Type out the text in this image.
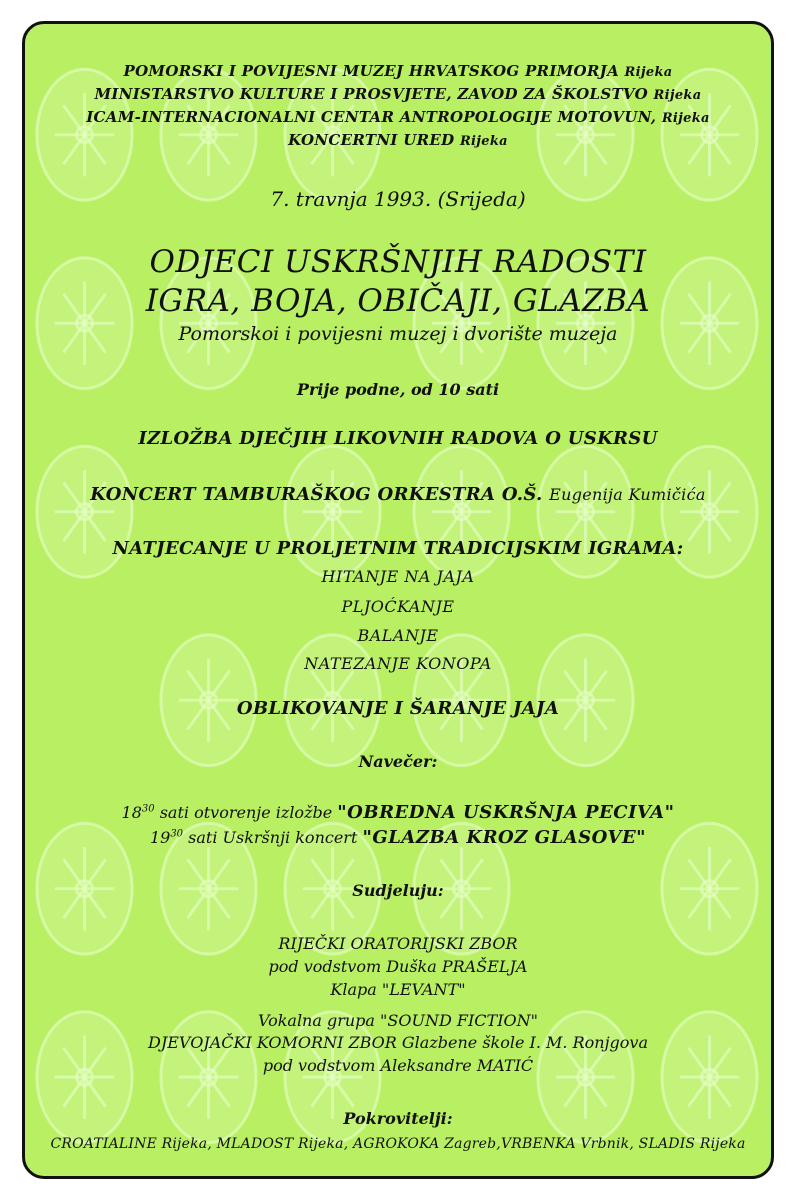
POMORSKI I POVIJESNI MUZEJ HRVATSKOG PRIMORJA Rijeka
MINISTARSTVO KULTURE I PROSVJETE, ZAVOD ZA ŠKOLSTVO Rijeka
ICAM-INTERNACIONALNI CENTAR ANTROPOLOGIJE MOTOVUN, Rijeka
KONCERTNI URED Rijeka
7. travnja 1993. (Srijeda)
ODJECI USKRŠNJIH RADOSTI
IGRA, BOJA, OBIČAJI, GLAZBA
Pomorskoi i povijesni muzej i dvorište muzeja
Prije podne, od 10 sati
IZLOŽBA DJEČJIH LIKOVNIH RADOVA O USKRSU
KONCERT TAMBURAŠKOG ORKESTRA O.Š. Eugenija Kumičića
NATJECANJE U PROLJETNIM TRADICIJSKIM IGRAMA:
HITANJE NA JAJA
PLJOĆKANJE
BALANJE
NATEZANJE KONOPA
OBLIKOVANJE I ŠARANJE JAJA
Navečer:
$18^{30}$ sati otvorenje izložbe "OBREDNA USKRŠNJA PECIVA"
$19^{30}$ sati Uskršnji koncert "GLAZBA KROZ GLASOVE"
Sudjeluju:
RIJEČKI ORATORIJSKI ZBOR
pod vodstvom Duška PRAŠELJA
Klapa "LEVANT"
Vokalna grupa "SOUND FICTION"
DJEVOJAČKI KOMORNI ZBOR Glazbene škole I. M. Ronjgova
pod vodstvom Aleksandre MATIĆ
Pokrovitelji:
CROATIALINE Rijeka, MLADOST Rijeka, AGROKOKA Zagreb,VRBENKA Vrbnik, SLADIS Rijeka
